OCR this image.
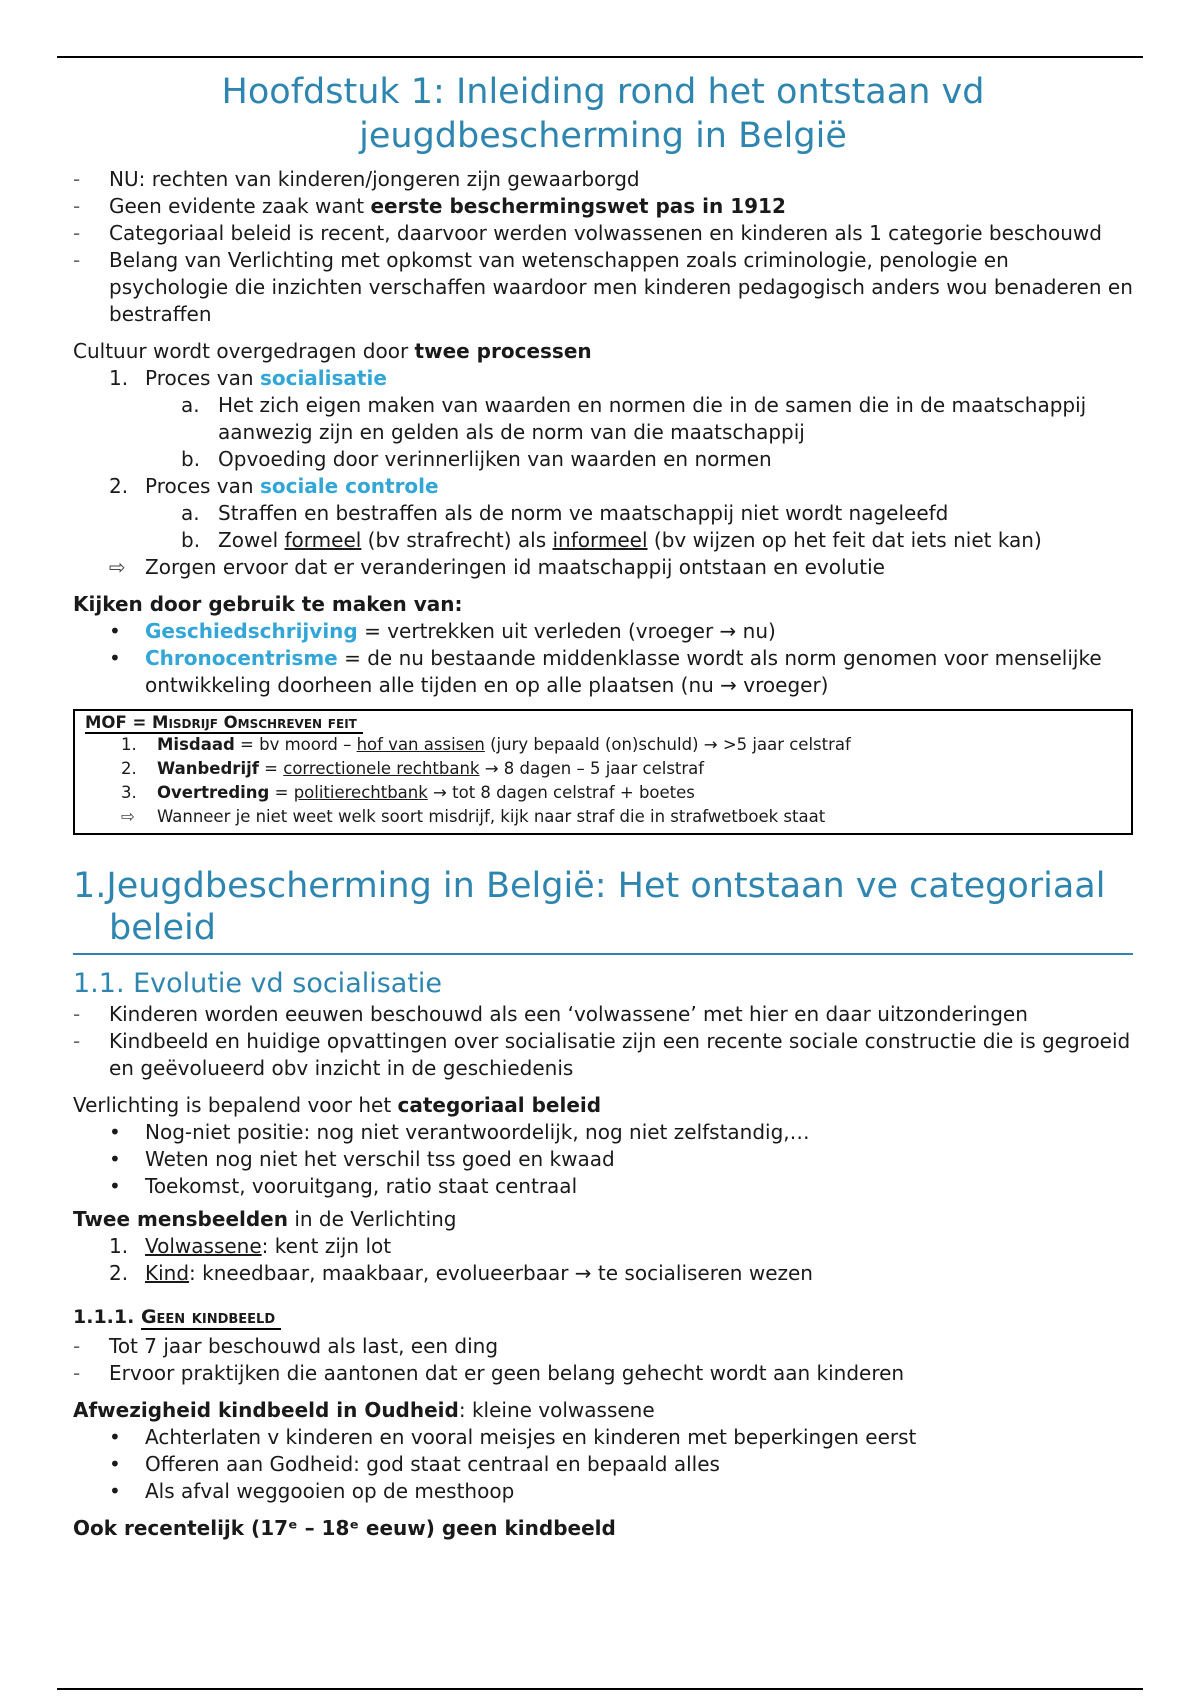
Hoofdstuk 1: Inleiding rond het ontstaan vd jeugdbescherming in België
- NU: rechten van kinderen/jongeren zijn gewaarborgd
- Geen evidente zaak want eerste beschermingswet pas in 1912
- Categoriaal beleid is recent, daarvoor werden volwassenen en kinderen als 1 categorie beschouwd
- Belang van Verlichting met opkomst van wetenschappen zoals criminologie, penologie en psychologie die inzichten verschaffen waardoor men kinderen pedagogisch anders wou benaderen en bestraffen

Cultuur wordt overgedragen door twee processen

1. Proces van socialisatie
a. Het zich eigen maken van waarden en normen die in de samen die in de maatschappij aanwezig zijn en gelden als de norm van die maatschappij
b. Opvoeding door verinnerlijken van waarden en normen
2. Proces van sociale controle
a. Straffen en bestraffen als de norm ve maatschappij niet wordt nageleefd
b. Zowel formeel (bv strafrecht) als informeel (bv wijzen op het feit dat iets niet kan)
⇨ Zorgen ervoor dat er veranderingen id maatschappij ontstaan en evolutie

Kijken door gebruik te maken van:

• Geschiedschrijving = vertrekken uit verleden (vroeger → nu)
• Chronocentrisme = de nu bestaande middenklasse wordt als norm genomen voor menselijke ontwikkeling doorheen alle tijden en op alle plaatsen (nu → vroeger)
MOF = Misdrijf Omschreven feit
1. Misdaad = bv moord – hof van assisen (jury bepaald (on)schuld) → >5 jaar celstraf
2. Wanbedrijf = correctionele rechtbank → 8 dagen – 5 jaar celstraf
3. Overtreding = politierechtbank → tot 8 dagen celstraf + boetes
⇨ Wanneer je niet weet welk soort misdrijf, kijk naar straf die in strafwetboek staat
1.Jeugdbescherming in België: Het ontstaan ve categoriaal beleid
1.1. Evolutie vd socialisatie
- Kinderen worden eeuwen beschouwd als een ‘volwassene’ met hier en daar uitzonderingen
- Kindbeeld en huidige opvattingen over socialisatie zijn een recente sociale constructie die is gegroeid en geëvolueerd obv inzicht in de geschiedenis

Verlichting is bepalend voor het categoriaal beleid

• Nog-niet positie: nog niet verantwoordelijk, nog niet zelfstandig,…
• Weten nog niet het verschil tss goed en kwaad
• Toekomst, vooruitgang, ratio staat centraal

Twee mensbeelden in de Verlichting

1. Volwassene: kent zijn lot
2. Kind: kneedbaar, maakbaar, evolueerbaar → te socialiseren wezen
1.1.1. Geen kindbeeld
- Tot 7 jaar beschouwd als last, een ding
- Ervoor praktijken die aantonen dat er geen belang gehecht wordt aan kinderen

Afwezigheid kindbeeld in Oudheid: kleine volwassene

• Achterlaten v kinderen en vooral meisjes en kinderen met beperkingen eerst
• Offeren aan Godheid: god staat centraal en bepaald alles
• Als afval weggooien op de mesthoop

Ook recentelijk (17ᵉ – 18ᵉ eeuw) geen kindbeeld
